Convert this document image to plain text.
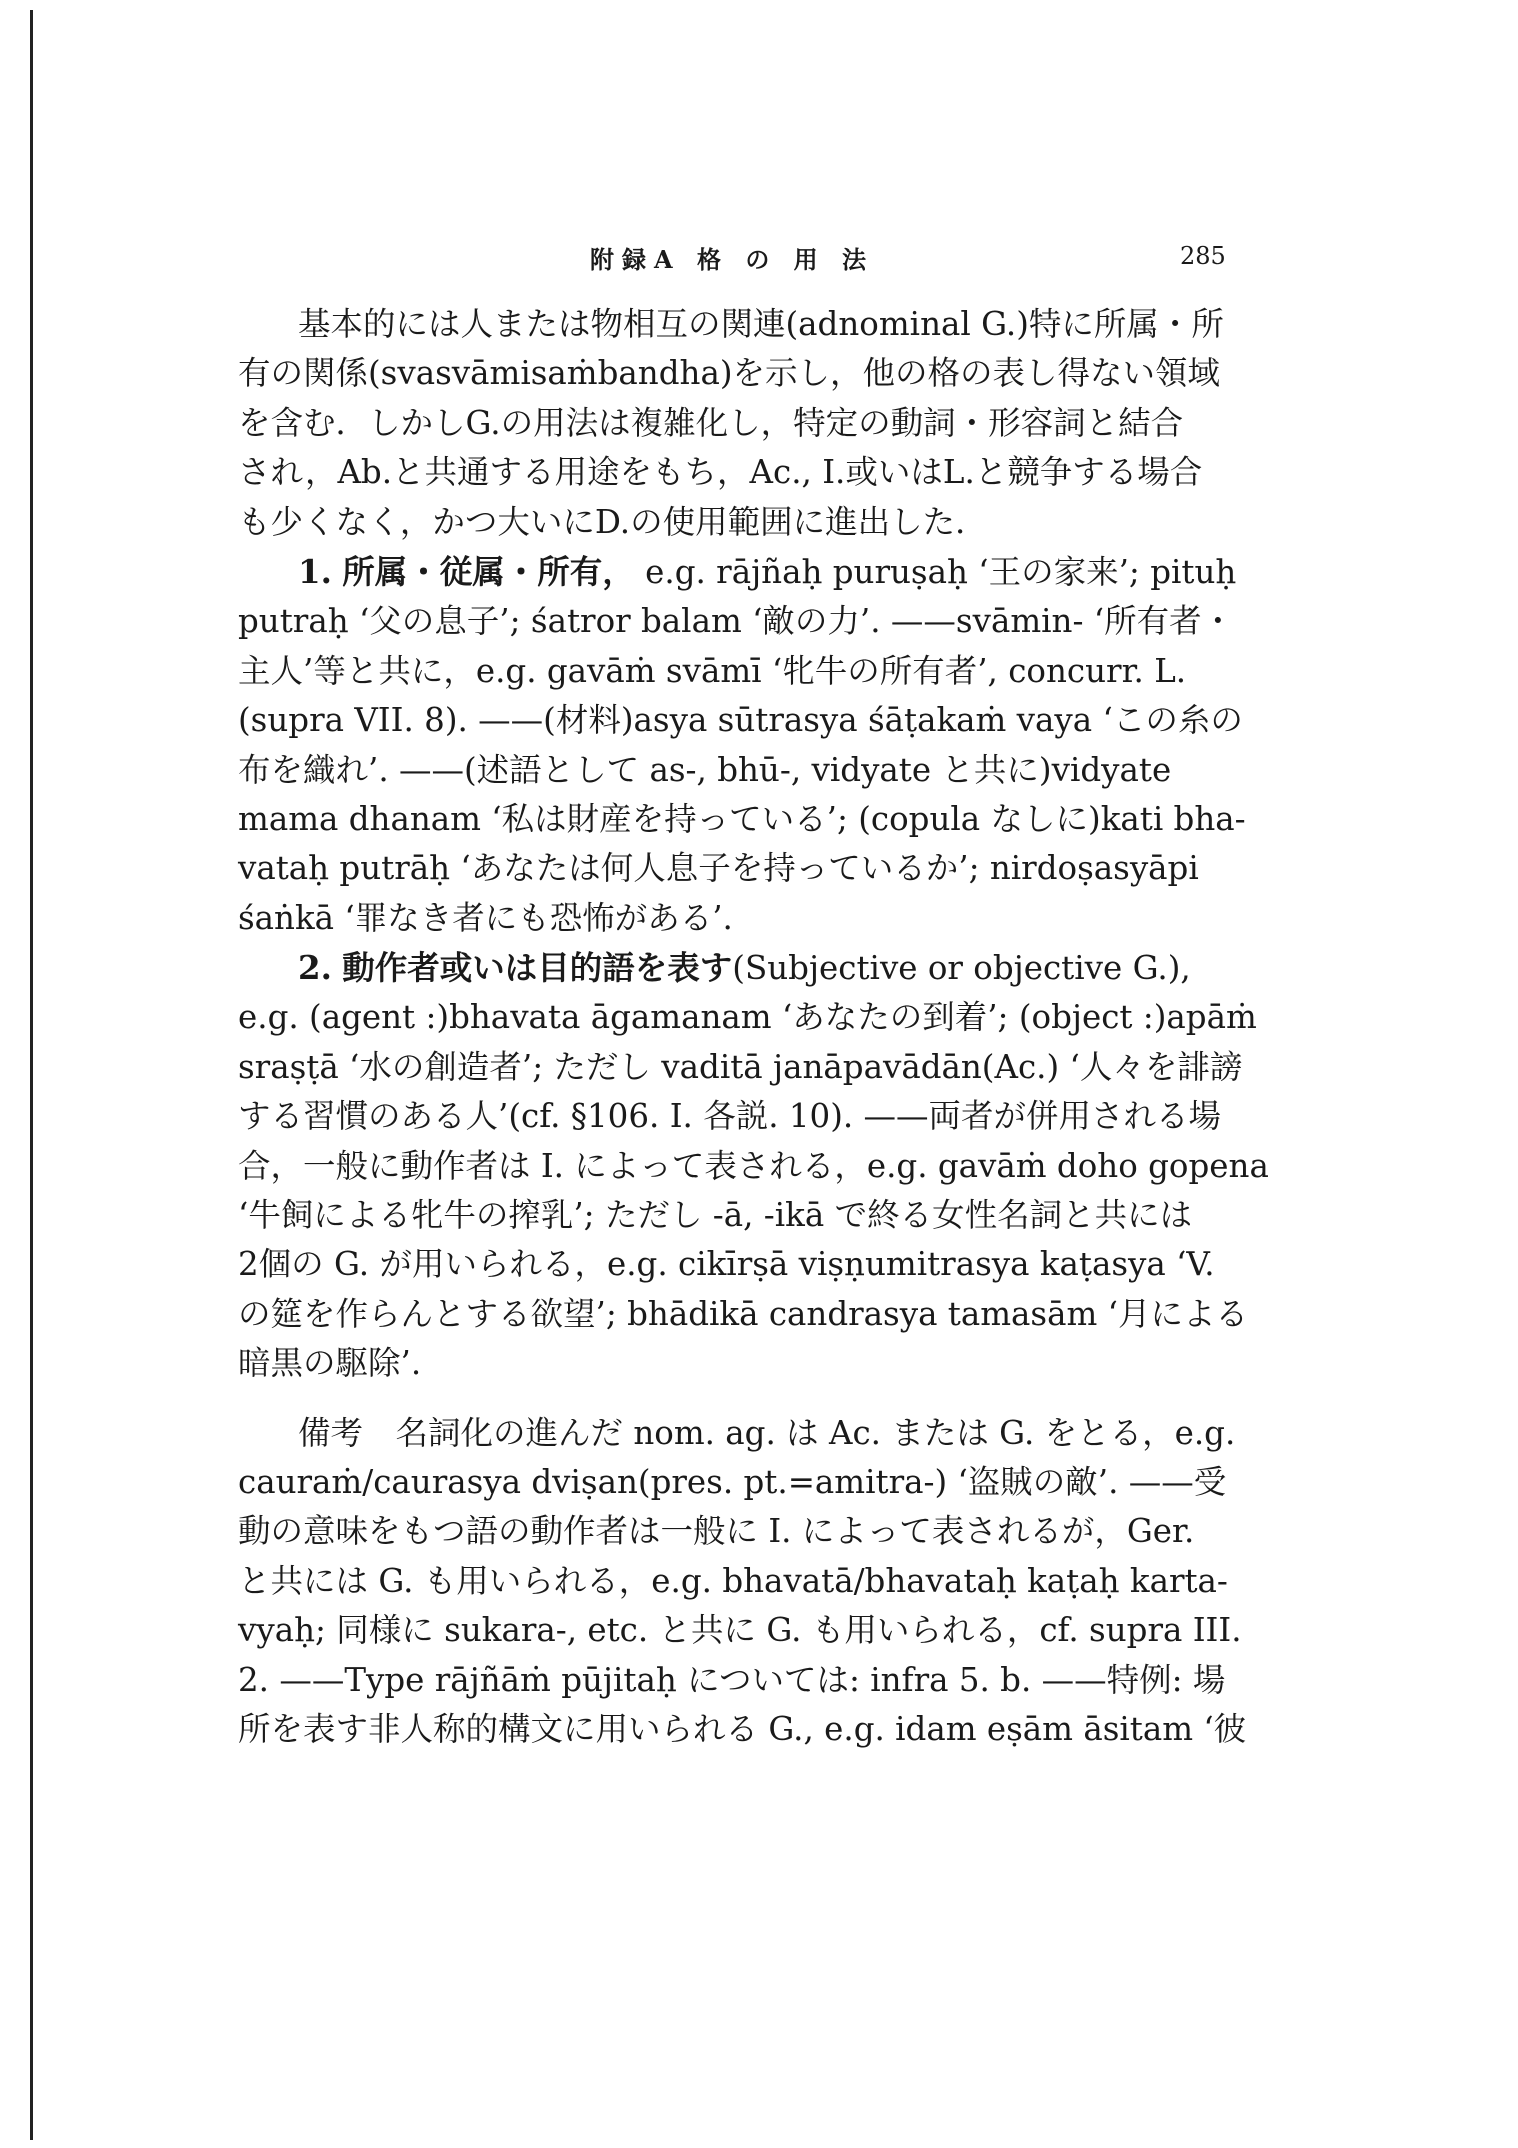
附録A 格 の 用 法	285

基本的には人または物相互の関連(adnominal G.)特に所属・所
有の関係(svasvāmisaṁbandha)を示し，他の格の表し得ない領域
を含む．しかしG.の用法は複雑化し，特定の動詞・形容詞と結合
され，Ab.と共通する用途をもち，Ac., I.或いはL.と競争する場合
も少くなく，かつ大いにD.の使用範囲に進出した．

1. 所属・従属・所有， e.g. rājñaḥ puruṣaḥ ‘王の家来’; pituḥ
putraḥ ‘父の息子’; śatror balam ‘敵の力’. ——svāmin- ‘所有者・
主人’等と共に，e.g. gavāṁ svāmī ‘牝牛の所有者’, concurr. L.
(supra VII. 8). ——(材料)asya sūtrasya śāṭakaṁ vaya ‘この糸の
布を織れ’. ——(述語として as-, bhū-, vidyate と共に)vidyate
mama dhanam ‘私は財産を持っている’; (copula なしに)kati bha-
vataḥ putrāḥ ‘あなたは何人息子を持っているか’; nirdoṣasyāpi
śaṅkā ‘罪なき者にも恐怖がある’.

2. 動作者或いは目的語を表す(Subjective or objective G.),
e.g. (agent :)bhavata āgamanam ‘あなたの到着’; (object :)apāṁ
sraṣṭā ‘水の創造者’; ただし vaditā janāpavādān(Ac.) ‘人々を誹謗
する習慣のある人’(cf. §106. I. 各説. 10). ——両者が併用される場
合，一般に動作者は I. によって表される，e.g. gavāṁ doho gopena
‘牛飼による牝牛の搾乳’; ただし -ā, -ikā で終る女性名詞と共には
2個の G. が用いられる，e.g. cikīrṣā viṣṇumitrasya kaṭasya ‘V.
の筵を作らんとする欲望’; bhādikā candrasya tamasām ‘月による
暗黒の駆除’.

備考　名詞化の進んだ nom. ag. は Ac. または G. をとる，e.g.
cauraṁ/caurasya dviṣan(pres. pt.=amitra-) ‘盗賊の敵’. ——受
動の意味をもつ語の動作者は一般に I. によって表されるが，Ger.
と共には G. も用いられる，e.g. bhavatā/bhavataḥ kaṭaḥ karta-
vyaḥ; 同様に sukara-, etc. と共に G. も用いられる，cf. supra III.
2. ——Type rājñāṁ pūjitaḥ については: infra 5. b. ——特例: 場
所を表す非人称的構文に用いられる G., e.g. idam eṣām āsitam ‘彼
